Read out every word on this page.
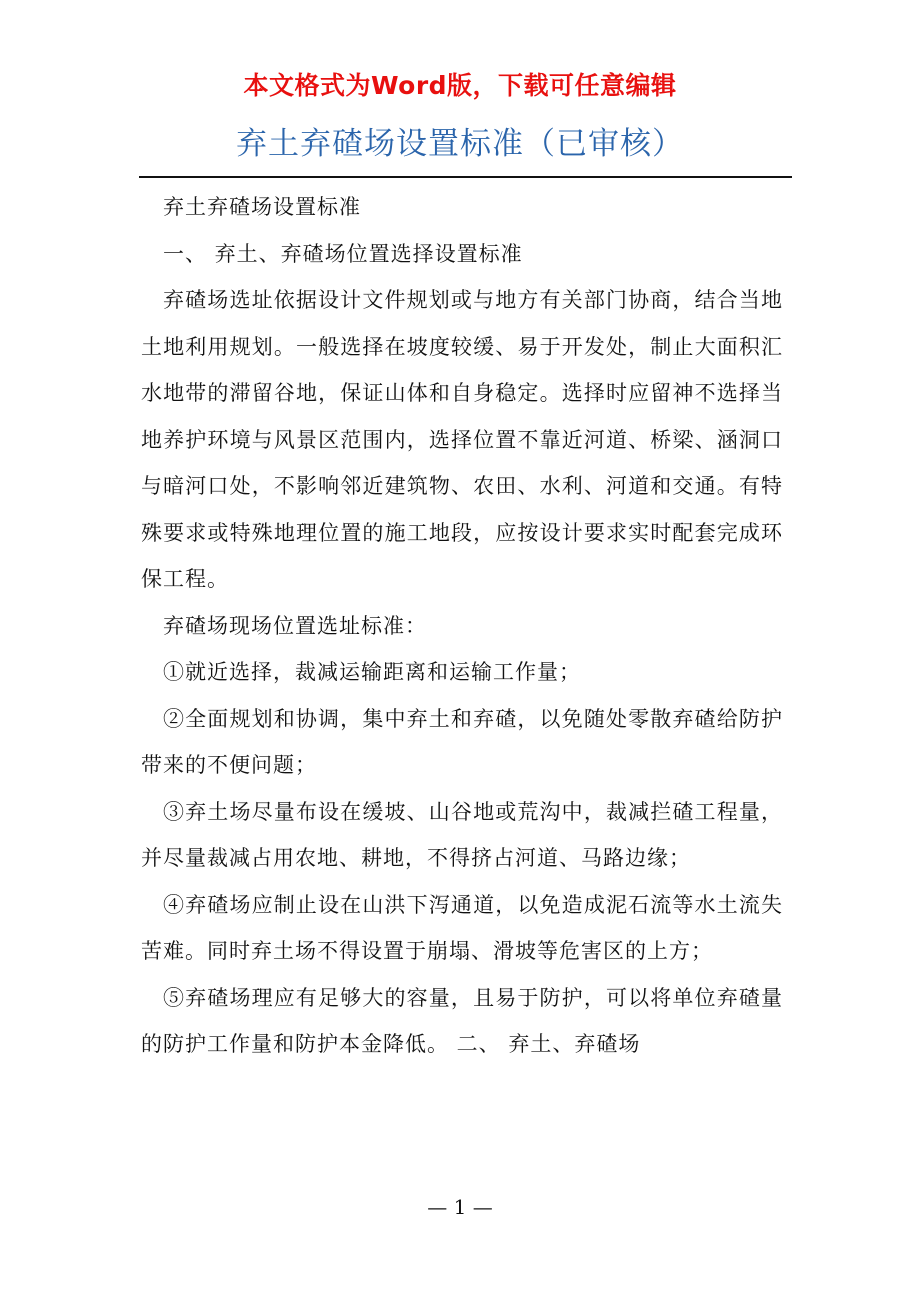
本文格式为Word版，下载可任意编辑
弃土弃碴场设置标准（已审核）

弃土弃碴场设置标准

一、 弃土、弃碴场位置选择设置标准

弃碴场选址依据设计文件规划或与地方有关部门协商，结合当地土地利用规划。一般选择在坡度较缓、易于开发处，制止大面积汇水地带的滞留谷地，保证山体和自身稳定。选择时应留神不选择当地养护环境与风景区范围内，选择位置不靠近河道、桥梁、涵洞口与暗河口处，不影响邻近建筑物、农田、水利、河道和交通。有特殊要求或特殊地理位置的施工地段，应按设计要求实时配套完成环保工程。

弃碴场现场位置选址标准：

①就近选择，裁减运输距离和运输工作量；

②全面规划和协调，集中弃土和弃碴，以免随处零散弃碴给防护带来的不便问题；

③弃土场尽量布设在缓坡、山谷地或荒沟中，裁减拦碴工程量，并尽量裁减占用农地、耕地，不得挤占河道、马路边缘；

④弃碴场应制止设在山洪下泻通道，以免造成泥石流等水土流失苦难。同时弃土场不得设置于崩塌、滑坡等危害区的上方；

⑤弃碴场理应有足够大的容量，且易于防护，可以将单位弃碴量的防护工作量和防护本金降低。 二、 弃土、弃碴场

— 1 —
